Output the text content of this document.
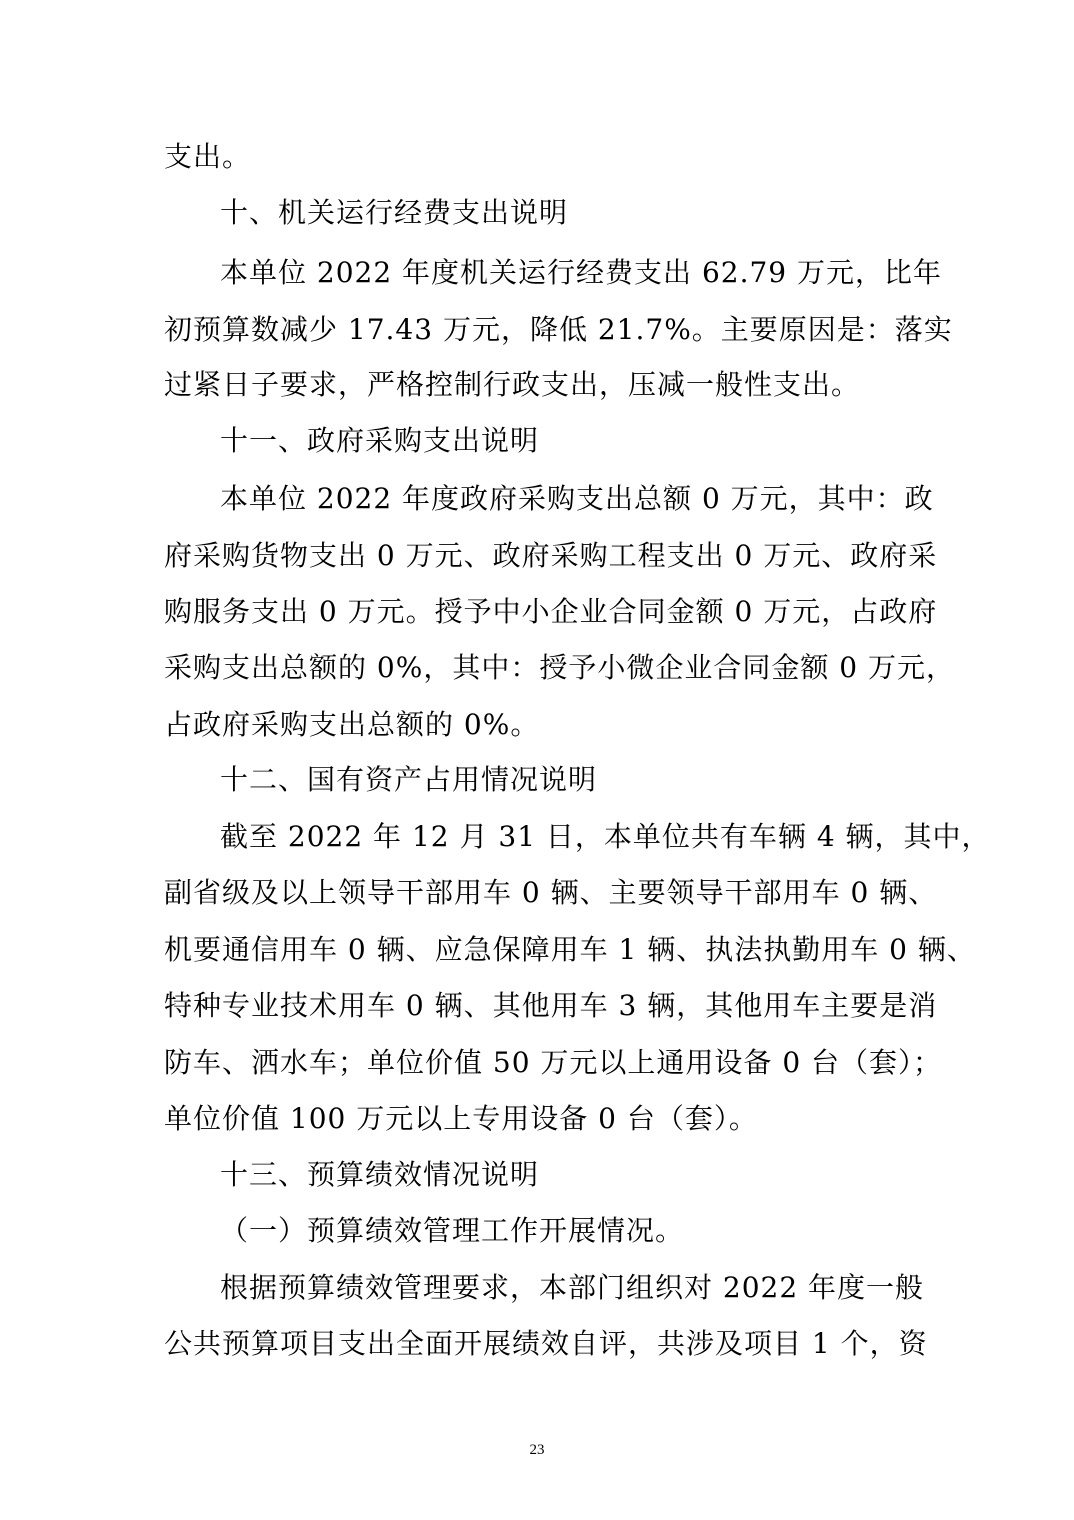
支出。
十、机关运行经费支出说明
本单位 2022 年度机关运行经费支出 62.79 万元，比年
初预算数减少 17.43 万元，降低 21.7%。主要原因是：落实
过紧日子要求，严格控制行政支出，压减一般性支出。
十一、政府采购支出说明
本单位 2022 年度政府采购支出总额 0 万元，其中：政
府采购货物支出 0 万元、政府采购工程支出 0 万元、政府采
购服务支出 0 万元。授予中小企业合同金额 0 万元，占政府
采购支出总额的 0%，其中：授予小微企业合同金额 0 万元，
占政府采购支出总额的 0%。
十二、国有资产占用情况说明
截至 2022 年 12 月 31 日，本单位共有车辆 4 辆，其中，
副省级及以上领导干部用车 0 辆、主要领导干部用车 0 辆、
机要通信用车 0 辆、应急保障用车 1 辆、执法执勤用车 0 辆、
特种专业技术用车 0 辆、其他用车 3 辆，其他用车主要是消
防车、洒水车；单位价值 50 万元以上通用设备 0 台（套）；
单位价值 100 万元以上专用设备 0 台（套）。
十三、预算绩效情况说明
（一）预算绩效管理工作开展情况。
根据预算绩效管理要求，本部门组织对 2022 年度一般
公共预算项目支出全面开展绩效自评，共涉及项目 1 个，资
23
